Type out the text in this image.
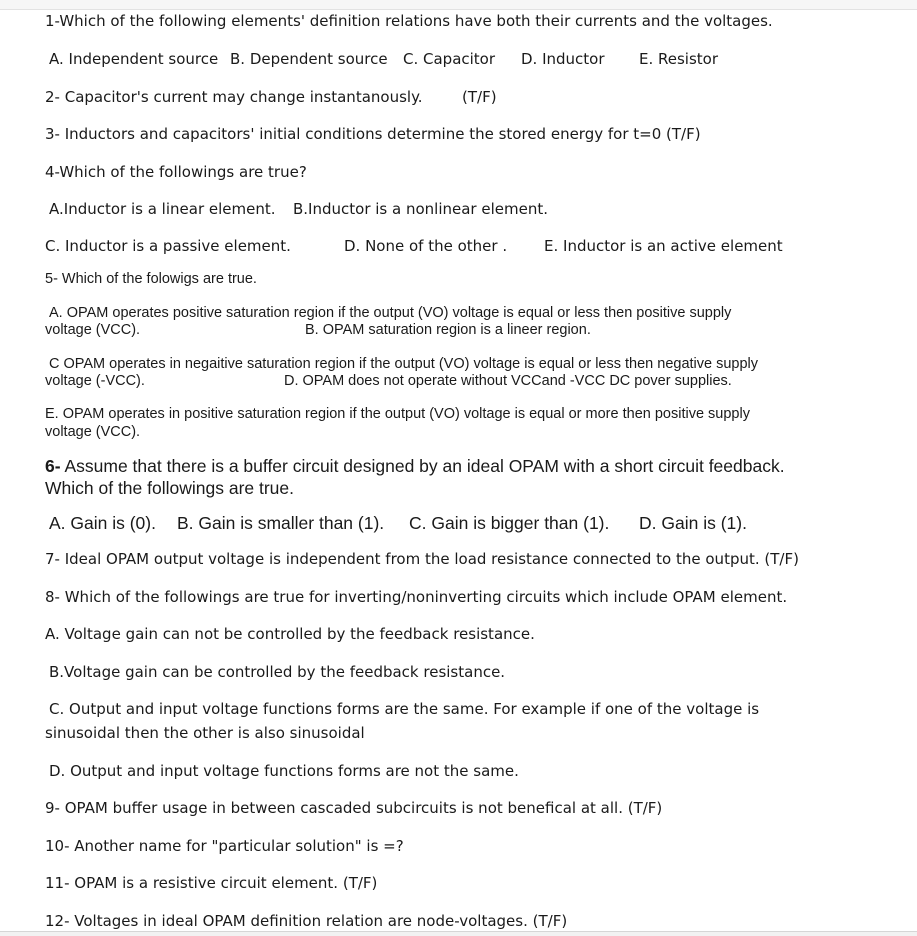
1-Which of the following elements' definition relations have both their currents and the voltages.
A. Independent source B. Dependent source C. Capacitor D. Inductor E. Resistor
2- Capacitor's current may change instantanously.	(T/F)
3- Inductors and capacitors' initial conditions determine the stored energy for t=0 (T/F)
4-Which of the followings are true?
A.Inductor is a linear element. B.Inductor is a nonlinear element.
C. Inductor is a passive element.	D. None of the other . E. Inductor is an active element
5- Which of the folowigs are true.
A. OPAM operates positive saturation region if the output (VO) voltage is equal or less then positive supply
voltage (VCC).	B. OPAM saturation region is a lineer region.
C OPAM operates in negaitive saturation region if the output (VO) voltage is equal or less then negative supply
voltage (-VCC).	D. OPAM does not operate without VCCand -VCC DC pover supplies.
E. OPAM operates in positive saturation region if the output (VO) voltage is equal or more then positive supply
voltage (VCC).
6- Assume that there is a buffer circuit designed by an ideal OPAM with a short circuit feedback.
Which of the followings are true.
A. Gain is (0). B. Gain is smaller than (1). C. Gain is bigger than (1). D. Gain is (1).
7- Ideal OPAM output voltage is independent from the load resistance connected to the output. (T/F)
8- Which of the followings are true for inverting/noninverting circuits which include OPAM element.
A. Voltage gain can not be controlled by the feedback resistance.
B.Voltage gain can be controlled by the feedback resistance.
C. Output and input voltage functions forms are the same. For example if one of the voltage is
sinusoidal then the other is also sinusoidal
D. Output and input voltage functions forms are not the same.
9- OPAM buffer usage in between cascaded subcircuits is not benefical at all. (T/F)
10- Another name for "particular solution" is =?
11- OPAM is a resistive circuit element. (T/F)
12- Voltages in ideal OPAM definition relation are node-voltages. (T/F)
